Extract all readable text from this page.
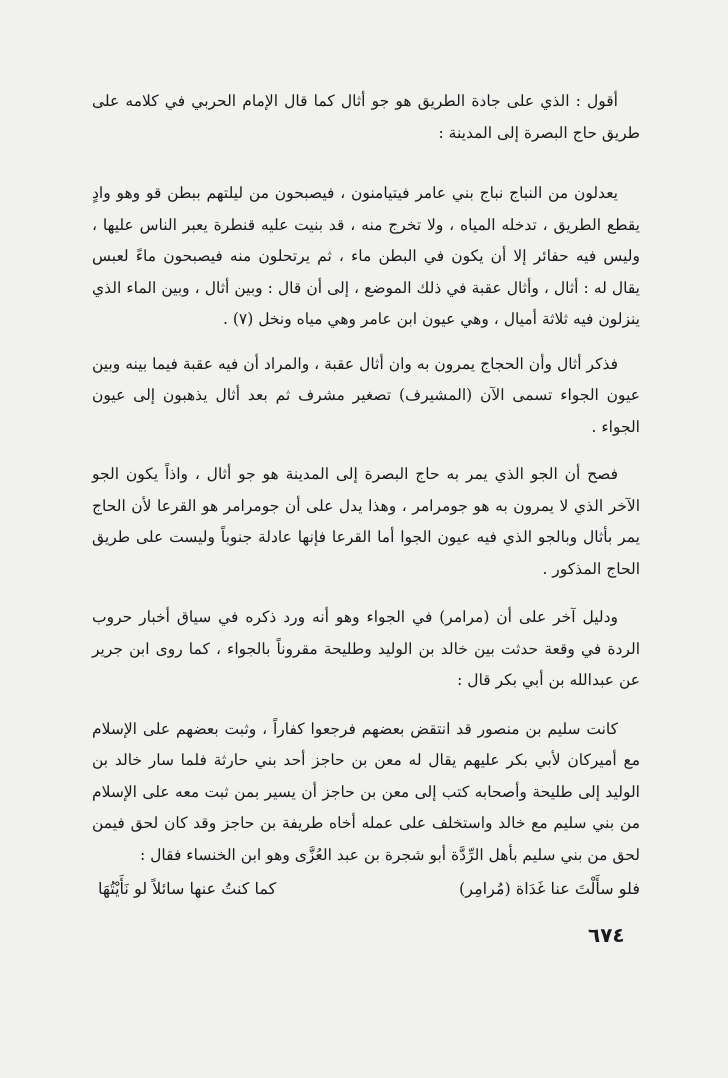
أقول : الذي على جادة الطريق هو جو أثال كما قال الإمام الحربي في كلامه على طريق حاج البصرة إلى المدينة :

يعدلون من النباج نباج بني عامر فيتيامنون ، فيصبحون من ليلتهم ببطن قو وهو وادٍ يقطع الطريق ، تدخله المياه ، ولا تخرج منه ، قد بنيت عليه قنطرة يعبر الناس عليها ، وليس فيه حفائر إلا أن يكون في البطن ماء ، ثم يرتحلون منه فيصبحون ماءً لعبس يقال له : أثال ، وأثال عقبة في ذلك الموضع ، إلى أن قال : وبين أثال ، وبين الماء الذي ينزلون فيه ثلاثة أميال ، وهي عيون ابن عامر وهي مياه ونخل (٧) .

فذكر أثال وأن الحجاج يمرون به وان أثال عقبة ، والمراد أن فيه عقبة فيما بينه وبين عيون الجواء تسمى الآن (المشيرف) تصغير مشرف ثم بعد أثال يذهبون إلى عيون الجواء .

فصح أن الجو الذي يمر به حاج البصرة إلى المدينة هو جو أثال ، واذاً يكون الجو الآخر الذي لا يمرون به هو جومرامر ، وهذا يدل على أن جومرامر هو القرعا لأن الحاج يمر بأثال وبالجو الذي فيه عيون الجوا أما القرعا فإنها عادلة جنوباً وليست على طريق الحاج المذكور .

ودليل آخر على أن (مرامر) في الجواء وهو أنه ورد ذكره في سياق أخبار حروب الردة في وقعة حدثت بين خالد بن الوليد وطليحة مقروناً بالجواء ، كما روى ابن جرير عن عبدالله بن أبي بكر قال :

كانت سليم بن منصور قد انتقض بعضهم فرجعوا كفاراً ، وثبت بعضهم على الإسلام مع أميركان لأبي بكر عليهم يقال له معن بن حاجز أحد بني حارثة فلما سار خالد بن الوليد إلى طليحة وأصحابه كتب إلى معن بن حاجز أن يسير بمن ثبت معه على الإسلام من بني سليم مع خالد واستخلف على عمله أخاه طريفة بن حاجز وقد كان لحق فيمن لحق من بني سليم بأهل الرِّدَّة أبو شجرة بن عبد العُزَّى وهو ابن الخنساء فقال :

فلو سأَلْتَ عنا غَدَاة (مُرامِر)
كما كنتُ عنها سائلاً لو نَأَيْتُهَا
٦٧٤
